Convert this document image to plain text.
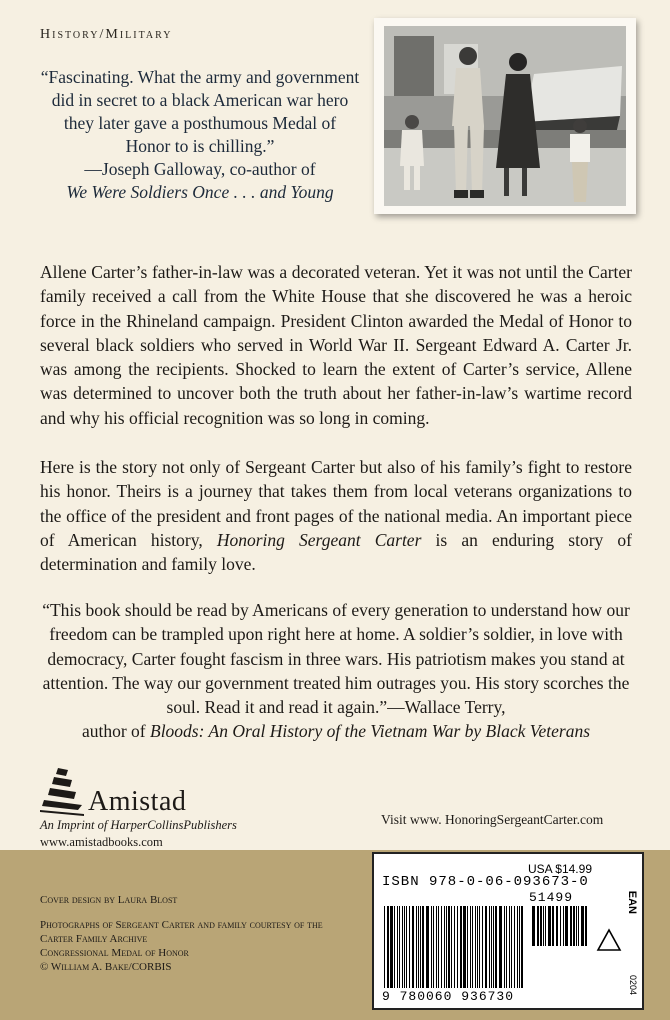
History/Military
“Fascinating. What the army and government did in secret to a black American war hero they later gave a posthumous Medal of Honor to is chilling.”
—Joseph Galloway, co-author of
We Were Soldiers Once . . . and Young

Allene Carter’s father-in-law was a decorated veteran. Yet it was not until the Carter family received a call from the White House that she discovered he was a heroic force in the Rhineland campaign. President Clinton awarded the Medal of Honor to several black soldiers who served in World War II. Sergeant Edward A. Carter Jr. was among the recipients. Shocked to learn the extent of Carter’s service, Allene was determined to uncover both the truth about her father-in-law’s wartime record and why his official recognition was so long in coming.

Here is the story not only of Sergeant Carter but also of his family’s fight to restore his honor. Theirs is a journey that takes them from local veterans organizations to the office of the president and front pages of the national media. An important piece of American history, Honoring Sergeant Carter is an enduring story of determination and family love.

“This book should be read by Americans of every generation to understand how our freedom can be trampled upon right here at home. A soldier’s soldier, in love with democracy, Carter fought fascism in three wars. His patriotism makes you stand at attention. The way our government treated him outrages you. His story scorches the soul. Read it and read it again.”—Wallace Terry,
author of Bloods: An Oral History of the Vietnam War by Black Veterans
Amistad
An Imprint of HarperCollinsPublishers
www.amistadbooks.com
Visit www. HonoringSergeantCarter.com
Cover design by Laura Blost
Photographs of Sergeant Carter and family courtesy of the Carter Family Archive
Congressional Medal of Honor
© William A. Bake/CORBIS
USA $14.99
ISBN 978-0-06-093673-0
51499	EAN
9 780060 936730
0204
